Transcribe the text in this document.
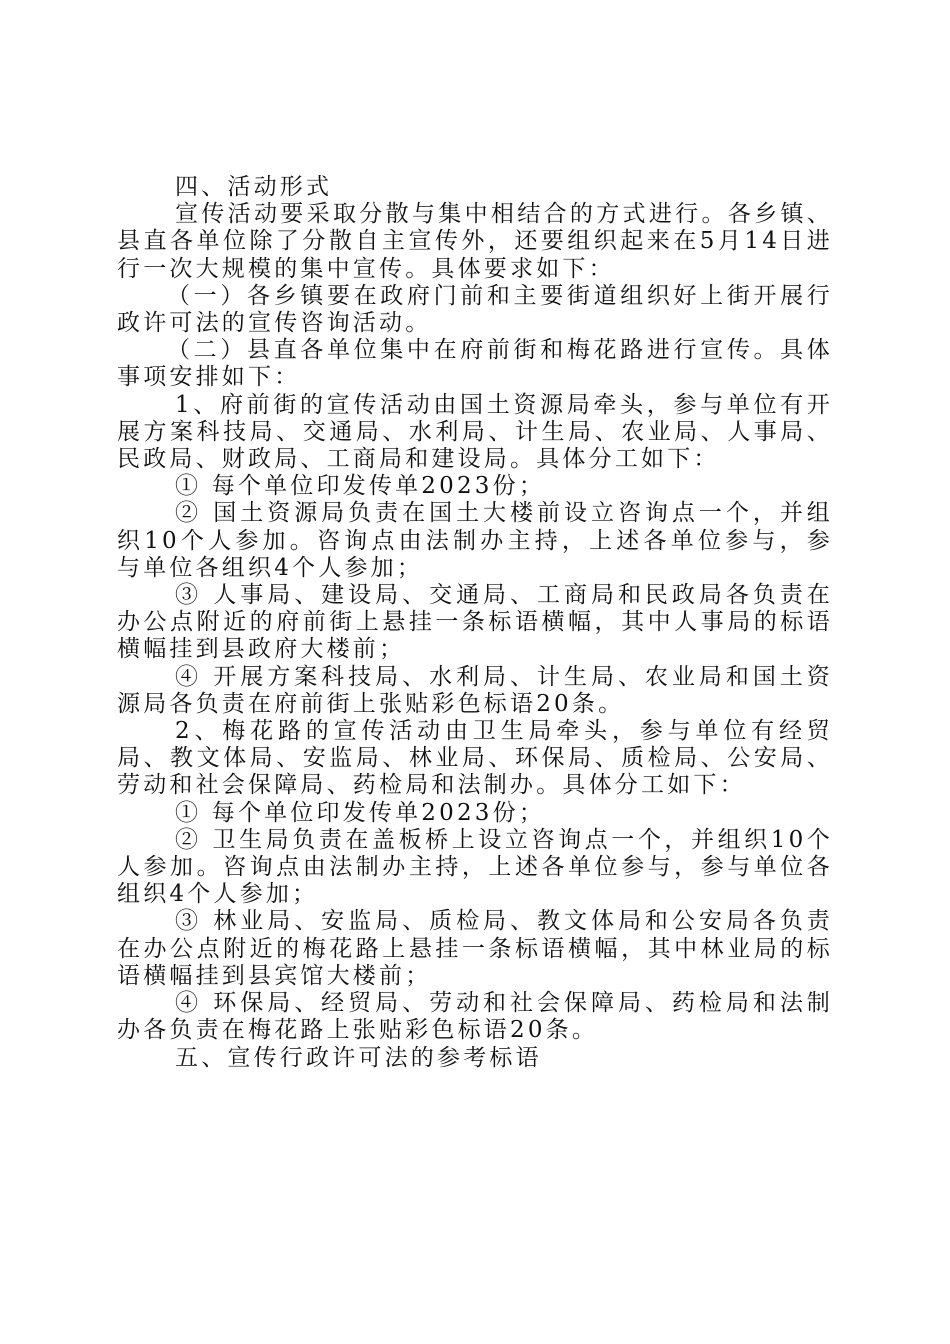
四、活动形式

宣传活动要采取分散与集中相结合的方式进行。各乡镇、县直各单位除了分散自主宣传外，还要组织起来在5月14日进行一次大规模的集中宣传。具体要求如下：

（一）各乡镇要在政府门前和主要街道组织好上街开展行政许可法的宣传咨询活动。

（二）县直各单位集中在府前街和梅花路进行宣传。具体事项安排如下：

1、府前街的宣传活动由国土资源局牵头，参与单位有开展方案科技局、交通局、水利局、计生局、农业局、人事局、民政局、财政局、工商局和建设局。具体分工如下：

① 每个单位印发传单2023份；

② 国土资源局负责在国土大楼前设立咨询点一个，并组织10个人参加。咨询点由法制办主持，上述各单位参与，参与单位各组织4个人参加；

③ 人事局、建设局、交通局、工商局和民政局各负责在办公点附近的府前街上悬挂一条标语横幅，其中人事局的标语横幅挂到县政府大楼前；

④ 开展方案科技局、水利局、计生局、农业局和国土资源局各负责在府前街上张贴彩色标语20条。

2、梅花路的宣传活动由卫生局牵头，参与单位有经贸局、教文体局、安监局、林业局、环保局、质检局、公安局、劳动和社会保障局、药检局和法制办。具体分工如下：

① 每个单位印发传单2023份；

② 卫生局负责在盖板桥上设立咨询点一个，并组织10个人参加。咨询点由法制办主持，上述各单位参与，参与单位各组织4个人参加；

③ 林业局、安监局、质检局、教文体局和公安局各负责在办公点附近的梅花路上悬挂一条标语横幅，其中林业局的标语横幅挂到县宾馆大楼前；

④ 环保局、经贸局、劳动和社会保障局、药检局和法制办各负责在梅花路上张贴彩色标语20条。

五、宣传行政许可法的参考标语
